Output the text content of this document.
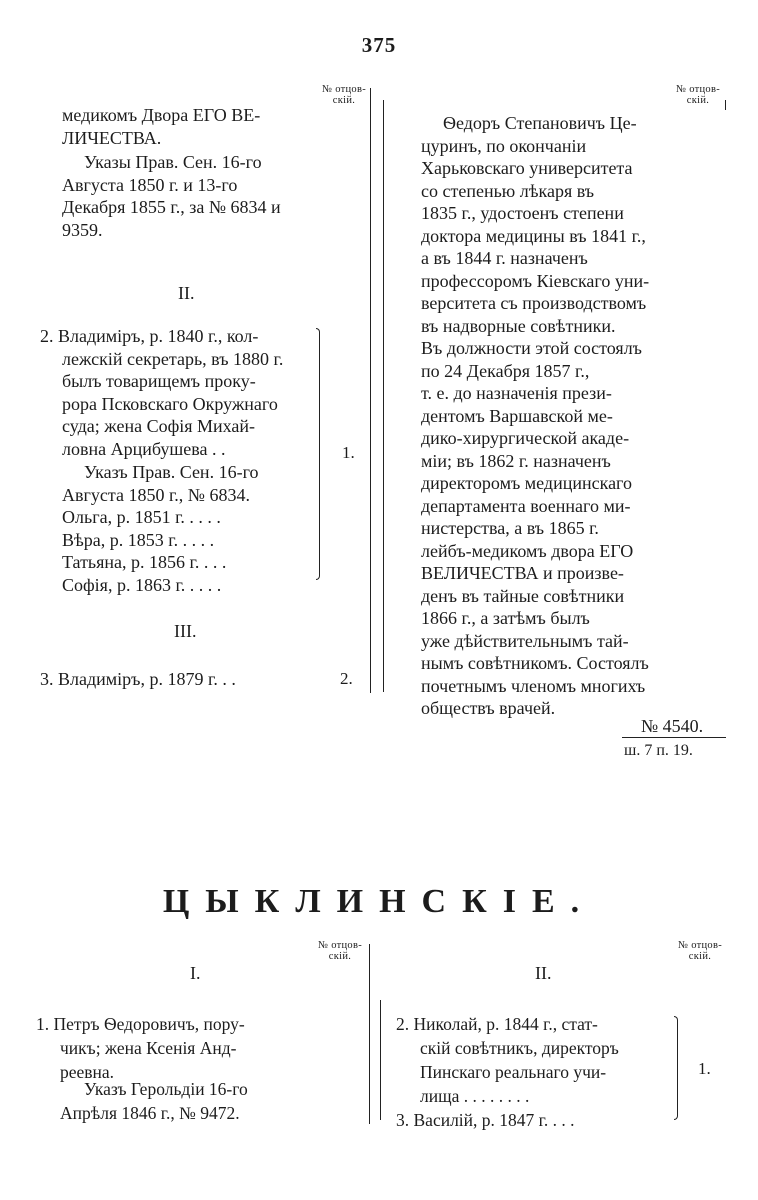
375
№ отцов-
скій.
№ отцов-
скій.

медикомъ Двора ЕГО ВЕ-

ЛИЧЕСТВА.

Указы Прав. Сен. 16-го

Августа 1850 г. и 13-го

Декабря 1855 г., за № 6834 и

9359.

II.

2. Владиміръ, р. 1840 г., кол-

лежскій секретарь, въ 1880 г.

былъ товарищемъ проку-

рора Псковскаго Окружнаго

суда; жена Софія Михай-

ловна Арцибушева . .

Указъ Прав. Сен. 16-го

Августа 1850 г., № 6834.

Ольга, р. 1851 г. . . . .

Вѣра, р. 1853 г. . . . .

Татьяна, р. 1856 г. . . .

Софія, р. 1863 г. . . . .

1.
III.
3. Владиміръ, р. 1879 г. . .	2.

Ѳедоръ Степановичъ Це-

цуринъ, по окончаніи

Харьковскаго университета

со степенью лѣкаря въ

1835 г., удостоенъ степени

доктора медицины въ 1841 г.,

а въ 1844 г. назначенъ

профессоромъ Кіевскаго уни-

верситета съ производствомъ

въ надворные совѣтники.

Въ должности этой состоялъ

по 24 Декабря 1857 г.,

т. е. до назначенія прези-

дентомъ Варшавской ме-

дико-хирургической акаде-

міи; въ 1862 г. назначенъ

директоромъ медицинскаго

департамента военнаго ми-

нистерства, а въ 1865 г.

лейбъ-медикомъ двора ЕГО

ВЕЛИЧЕСТВА и произве-

денъ въ тайные совѣтники

1866 г., а затѣмъ былъ

уже дѣйствительнымъ тай-

нымъ совѣтникомъ. Состоялъ

почетнымъ членомъ многихъ

обществъ врачей.

№ 4540.
ш. 7 п. 19.
ЦЫКЛИНСКІЕ.
№ отцов-
скій.
№ отцов-
скій.
I.

1. Петръ Ѳедоровичъ, пору-

чикъ; жена Ксенія Анд-

реевна.

Указъ Герольдіи 16-го

Апрѣля 1846 г., № 9472.

II.

2. Николай, р. 1844 г., стат-

скій совѣтникъ, директоръ

Пинскаго реальнаго учи-

лища . . . . . . . .

3. Василій, р. 1847 г. . . .
1.
